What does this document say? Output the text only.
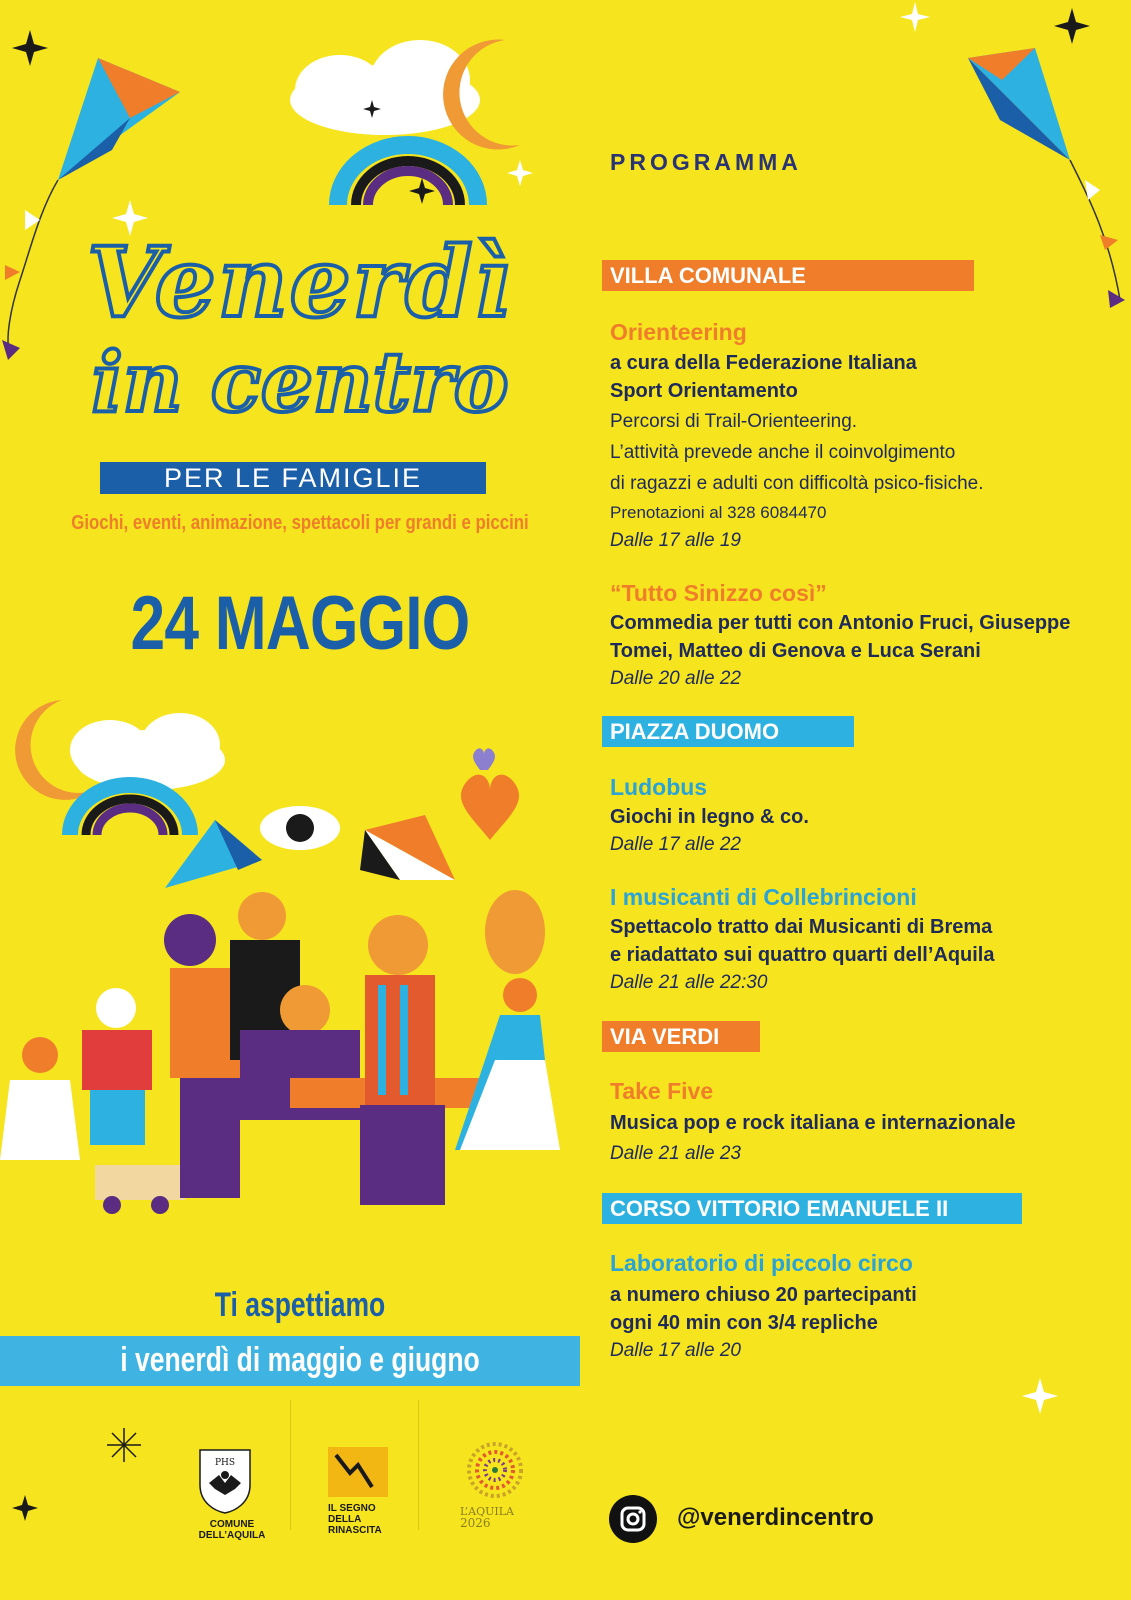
Venerdì
in centro
PER LE FAMIGLIE
Giochi, eventi, animazione, spettacoli per grandi e piccini
24 MAGGIO
Ti aspettiamo
i venerdì di maggio e giugno
PROGRAMMA
VILLA COMUNALE
Orienteering
a cura della Federazione Italiana
Sport Orientamento
Percorsi di Trail-Orienteering.
L’attività prevede anche il coinvolgimento
di ragazzi e adulti con difficoltà psico-fisiche.
Prenotazioni al 328 6084470
Dalle 17 alle 19
“Tutto Sinizzo così”
Commedia per tutti con Antonio Fruci, Giuseppe
Tomei, Matteo di Genova e Luca Serani
Dalle 20 alle 22
PIAZZA DUOMO
Ludobus
Giochi in legno & co.
Dalle 17 alle 22
I musicanti di Collebrincioni
Spettacolo tratto dai Musicanti di Brema
e riadattato sui quattro quarti dell’Aquila
Dalle 21 alle 22:30
VIA VERDI
Take Five
Musica pop e rock italiana e internazionale
Dalle 21 alle 23
CORSO VITTORIO EMANUELE II
Laboratorio di piccolo circo
a numero chiuso 20 partecipanti
ogni 40 min con 3/4 repliche
Dalle 17 alle 20
PHS
COMUNE DELL’AQUILA
IL SEGNO
DELLA
RINASCITA
L’AQUILA
2026	@venerdincentro
